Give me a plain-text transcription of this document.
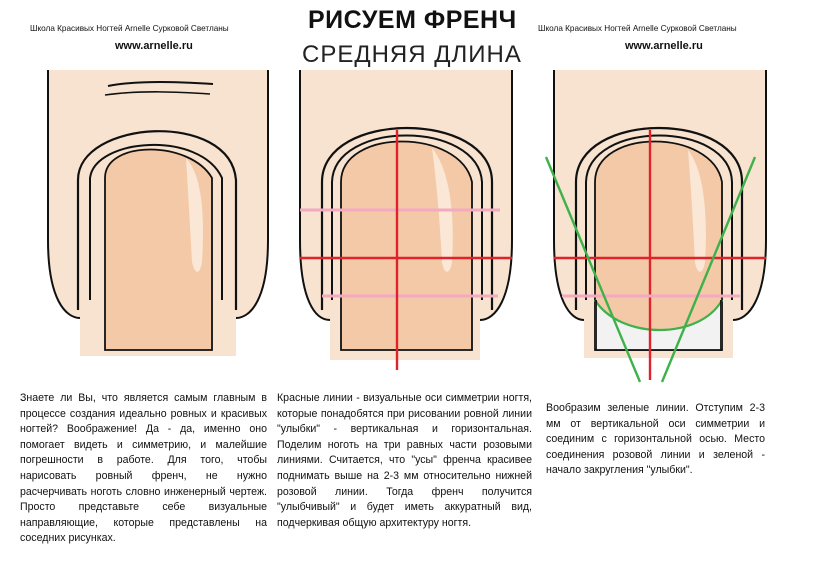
Школа Красивых Ногтей Arnelle Сурковой Светланы
www.arnelle.ru
РИСУЕМ ФРЕНЧ
СРЕДНЯЯ ДЛИНА
Школа Красивых Ногтей Arnelle Сурковой Светланы
www.arnelle.ru
Знаете ли Вы, что является самым главным в процессе создания идеально ровных и красивых ногтей? Воображение! Да - да, именно оно помогает видеть и симметрию, и малейшие погрешности в работе. Для того, чтобы нарисовать ровный френч, не нужно расчерчивать ноготь словно инженерный чертеж. Просто представьте себе визуальные направляющие, которые представлены на соседних рисунках.
Красные линии - визуальные оси симметрии ногтя, которые понадобятся при рисовании ровной линии "улыбки" - вертикальная и горизонтальная. Поделим ноготь на три равных части розовыми линиями. Считается, что "усы" френча красивее поднимать выше на 2-3 мм относительно нижней розовой линии. Тогда френч получится "улыбчивый" и будет иметь аккуратный вид, подчеркивая общую архитектуру ногтя.
Вообразим зеленые линии. Отступим 2-3 мм от вертикальной оси симметрии и соединим с горизонтальной осью. Место соединения розовой линии и зеленой - начало закругления "улыбки".
